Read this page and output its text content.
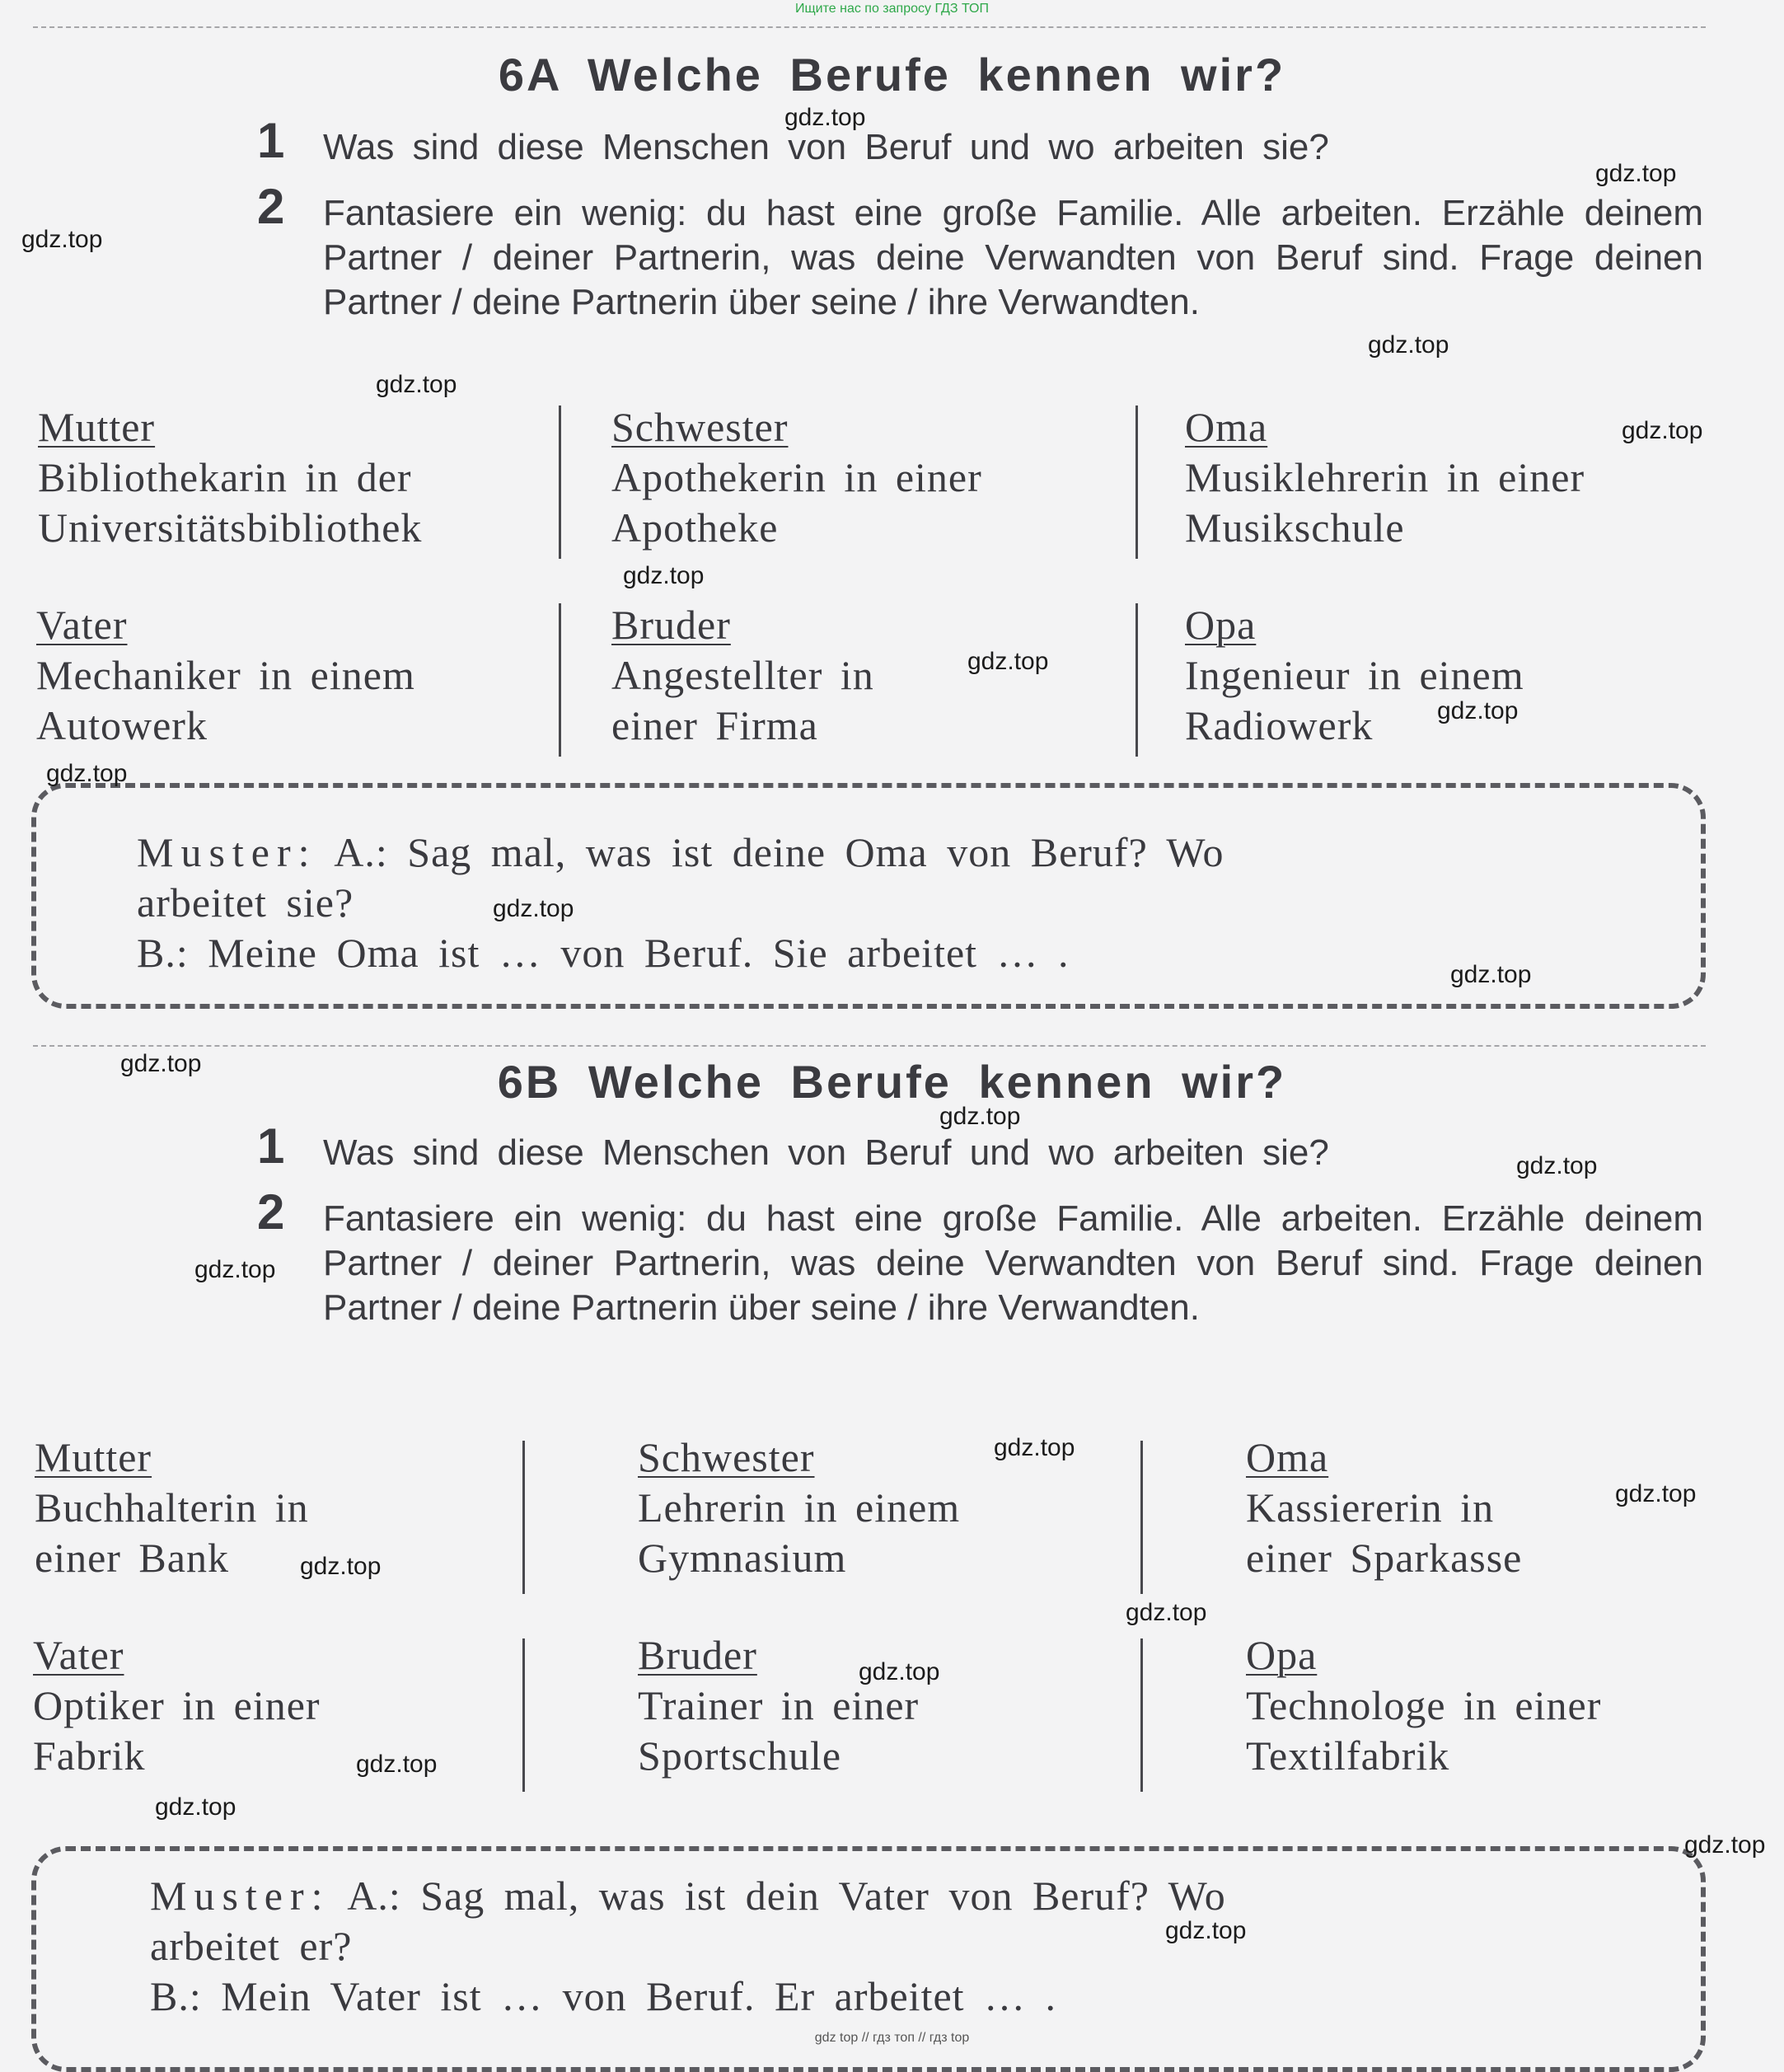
Ищите нас по запросу ГДЗ ТОП
6A Welche Berufe kennen wir?
1 Was sind diese Menschen von Beruf und wo arbeiten sie?
2 Fantasiere ein wenig: du hast eine große Familie. Alle arbeiten. Erzähle deinem Partner / deiner Partnerin, was deine Verwandten von Beruf sind. Frage deinen Partner / deine Partnerin über seine / ihre Verwandten.
Mutter
Bibliothekarin in der
Universitätsbibliothek
Schwester
Apothekerin in einer
Apotheke
Oma
Musiklehrerin in einer
Musikschule
Vater
Mechaniker in einem
Autowerk
Bruder
Angestellter in
einer Firma
Opa
Ingenieur in einem
Radiowerk
Muster: A.: Sag mal, was ist deine Oma von Beruf? Wo
arbeitet sie?
B.: Meine Oma ist … von Beruf. Sie arbeitet … .
6B Welche Berufe kennen wir?
1 Was sind diese Menschen von Beruf und wo arbeiten sie?
2 Fantasiere ein wenig: du hast eine große Familie. Alle arbeiten. Erzähle deinem Partner / deiner Partnerin, was deine Verwandten von Beruf sind. Frage deinen Partner / deine Partnerin über seine / ihre Verwandten.
Mutter
Buchhalterin in
einer Bank
Schwester
Lehrerin in einem
Gymnasium
Oma
Kassiererin in
einer Sparkasse
Vater
Optiker in einer
Fabrik
Bruder
Trainer in einer
Sportschule
Opa
Technologe in einer
Textilfabrik
Muster: A.: Sag mal, was ist dein Vater von Beruf? Wo
arbeitet er?
B.: Mein Vater ist … von Beruf. Er arbeitet … .
gdz.top
gdz.top
gdz.top
gdz.top
gdz.top
gdz.top
gdz.top
gdz.top
gdz.top
gdz.top
gdz.top
gdz.top
gdz.top
gdz.top
gdz.top
gdz.top
gdz.top
gdz.top
gdz.top
gdz.top
gdz.top
gdz.top
gdz.top
gdz.top
gdz.top
gdz top // гдз топ // гдз top
